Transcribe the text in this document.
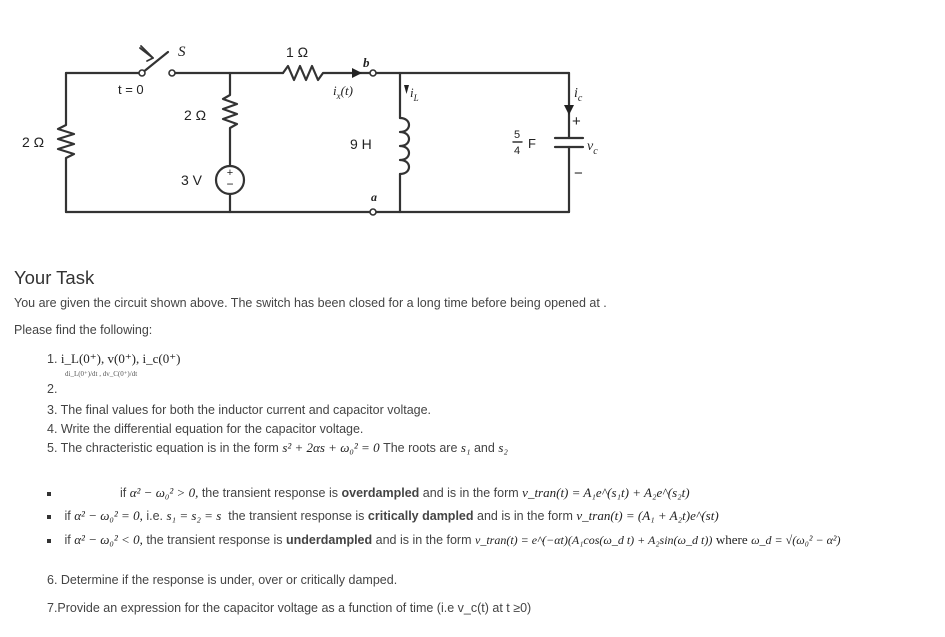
+
−
S
t = 0
1 Ω
b
$i_x(t)$	$i_L$
2 Ω
2 Ω
9 H
a
3 V
5
4 F
$i_c$
+
$v_c$
−
Your Task
You are given the circuit shown above. The switch has been closed for a long time before being opened at .
Please find the following:
1. i_L(0⁺), v(0⁺), i_c(0⁺)
di_L(0⁺)/dt , dv_C(0⁺)/dt
2.
3. The final values for both the inductor current and capacitor voltage.
4. Write the differential equation for the capacitor voltage.
5. The chracteristic equation is in the form s² + 2αs + ω₀² = 0 The roots are s₁ and s₂
if α² − ω₀² > 0, the transient response is overdampled and is in the form v_tran(t) = A₁e^(s₁t) + A₂e^(s₂t)
if α² − ω₀² = 0, i.e. s₁ = s₂ = s the transient response is critically dampled and is in the form v_tran(t) = (A₁ + A₂t)e^(st)
if α² − ω₀² < 0, the transient response is underdampled and is in the form v_tran(t) = e^(−αt)(A₁cos(ω_d t) + A₂sin(ω_d t)) where ω_d = √(ω₀² − α²)
6. Determine if the response is under, over or critically damped.
7.Provide an expression for the capacitor voltage as a function of time (i.e v_c(t) at t ≥0)
